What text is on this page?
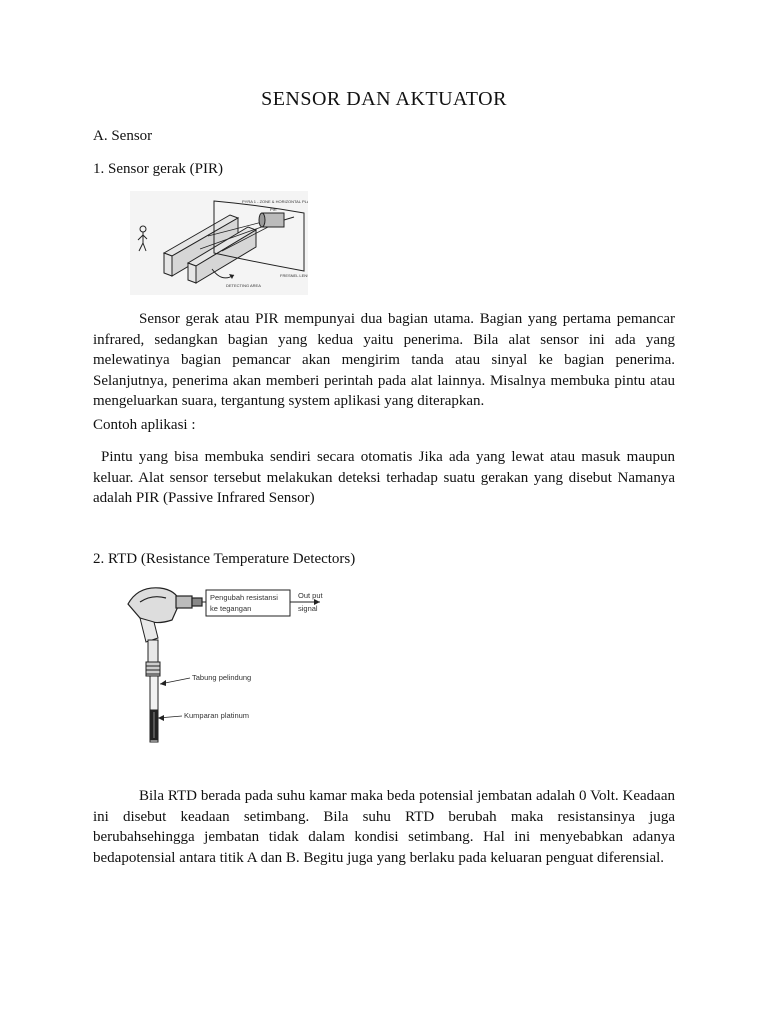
SENSOR DAN AKTUATOR
A. Sensor
1. Sensor gerak (PIR)
PYRA 1 - ZONE & HORIZONTAL PLANE
PIR
FRESNEL LENS
DETECTING AREA
Sensor gerak atau PIR mempunyai dua bagian utama. Bagian yang pertama pemancar infrared, sedangkan bagian yang kedua yaitu penerima. Bila alat sensor ini ada yang melewatinya bagian pemancar akan mengirim tanda atau sinyal ke bagian penerima. Selanjutnya, penerima akan memberi perintah pada alat lainnya. Misalnya membuka pintu atau mengeluarkan suara, tergantung system aplikasi yang diterapkan.
Contoh aplikasi :
Pintu yang bisa membuka sendiri secara otomatis Jika ada yang lewat atau masuk maupun keluar. Alat sensor tersebut melakukan deteksi terhadap suatu gerakan yang disebut Namanya adalah PIR (Passive Infrared Sensor)
2. RTD (Resistance Temperature Detectors)
Pengubah resistansi
ke tegangan
Out put
signal
Tabung pelindung
Kumparan platinum
Bila RTD berada pada suhu kamar maka beda potensial jembatan adalah 0 Volt. Keadaan ini disebut keadaan setimbang. Bila suhu RTD berubah maka resistansinya juga berubahsehingga jembatan tidak dalam kondisi setimbang. Hal ini menyebabkan adanya bedapotensial antara titik A dan B. Begitu juga yang berlaku pada keluaran penguat diferensial.
